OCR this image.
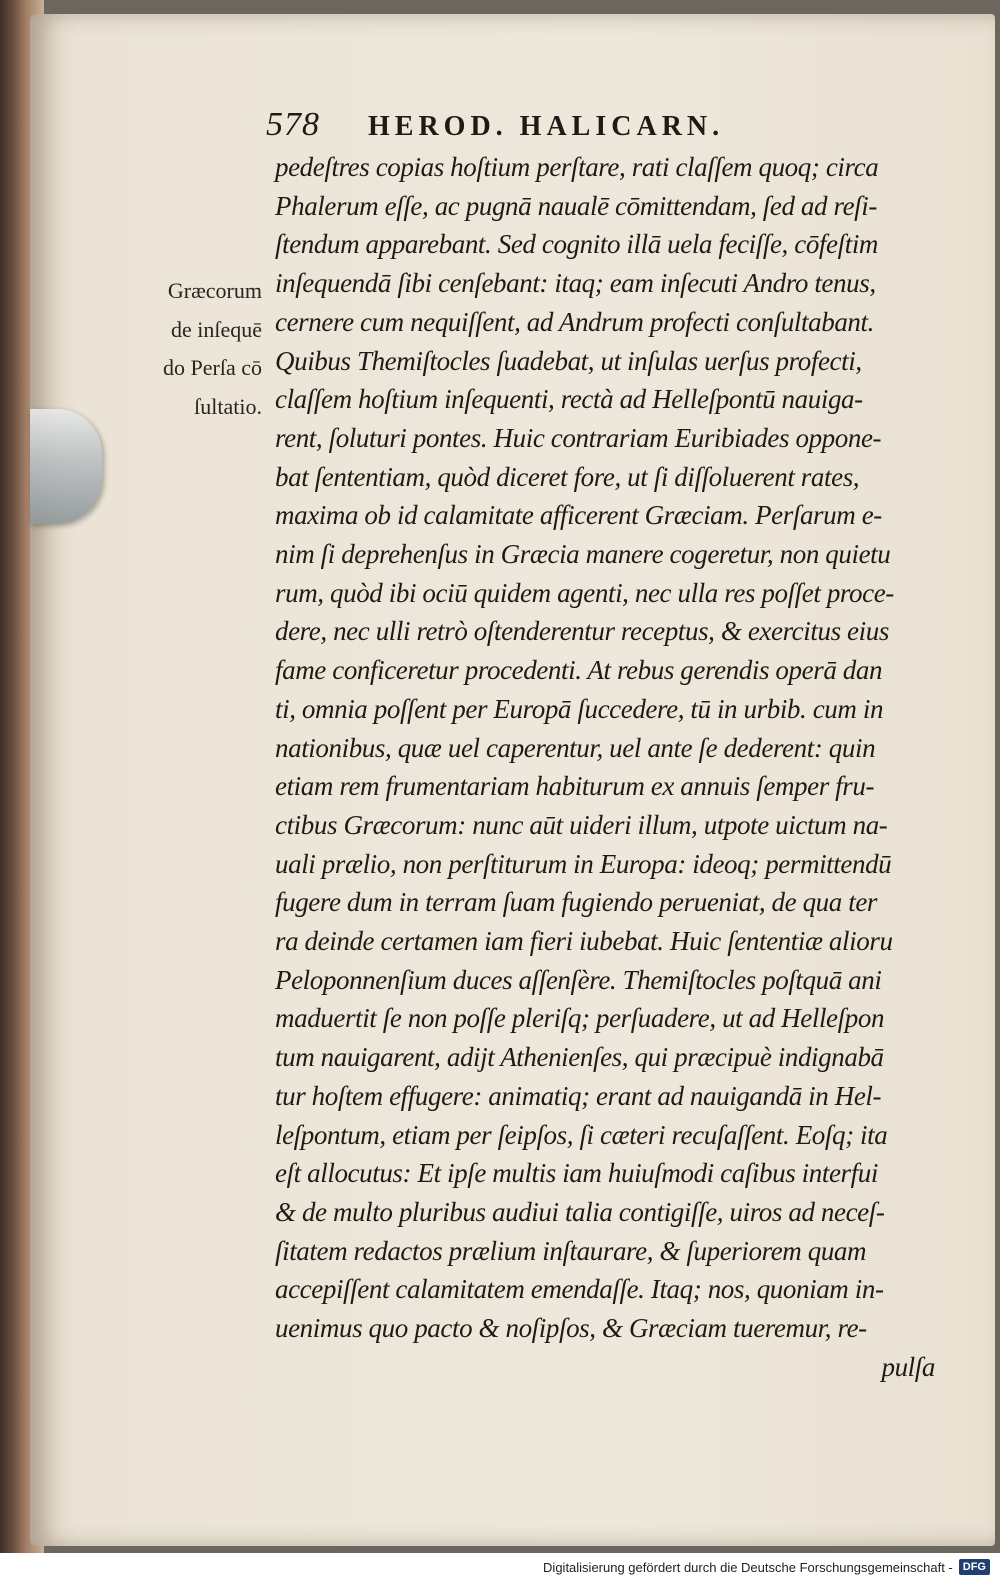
578 HEROD. HALICARN.
Græcorum
de inſequē
do Perſa cō
ſultatio.
pedeſtres copias hoſtium perſtare, rati claſſem quoq; circa
Phalerum eſſe, ac pugnā naualē cōmittendam, ſed ad reſi-
ſtendum apparebant. Sed cognito illā uela feciſſe, cōfeſtim
inſequendā ſibi cenſebant: itaq; eam inſecuti Andro tenus,
cernere cum nequiſſent, ad Andrum profecti conſultabant.
Quibus Themiſtocles ſuadebat, ut inſulas uerſus profecti,
claſſem hoſtium inſequenti, rectà ad Helleſpontū nauiga-
rent, ſoluturi pontes. Huic contrariam Euribiades oppone-
bat ſententiam, quòd diceret fore, ut ſi diſſoluerent rates,
maxima ob id calamitate afficerent Græciam. Perſarum e-
nim ſi deprehenſus in Græcia manere cogeretur, non quietu
rum, quòd ibi ociū quidem agenti, nec ulla res poſſet proce-
dere, nec ulli retrò oſtenderentur receptus, & exercitus eius
fame conficeretur procedenti. At rebus gerendis operā dan
ti, omnia poſſent per Europā ſuccedere, tū in urbib. cum in
nationibus, quæ uel caperentur, uel ante ſe dederent: quin
etiam rem frumentariam habiturum ex annuis ſemper fru-
ctibus Græcorum: nunc aūt uideri illum, utpote uictum na-
uali prælio, non perſtiturum in Europa: ideoq; permittendū
fugere dum in terram ſuam fugiendo perueniat, de qua ter
ra deinde certamen iam fieri iubebat. Huic ſententiæ alioru
Peloponnenſium duces aſſenſère. Themiſtocles poſtquā ani
maduertit ſe non poſſe pleriſq; perſuadere, ut ad Helleſpon
tum nauigarent, adijt Athenienſes, qui præcipuè indignabā
tur hoſtem effugere: animatiq; erant ad nauigandā in Hel-
leſpontum, etiam per ſeipſos, ſi cæteri recuſaſſent. Eoſq; ita
eſt allocutus: Et ipſe multis iam huiuſmodi caſibus interfui
& de multo pluribus audiui talia contigiſſe, uiros ad neceſ-
ſitatem redactos prælium inſtaurare, & ſuperiorem quam
accepiſſent calamitatem emendaſſe. Itaq; nos, quoniam in-
uenimus quo pacto & noſipſos, & Græciam tueremur, re-
pulſa
Digitalisierung gefördert durch die Deutsche Forschungsgemeinschaft - DFG
